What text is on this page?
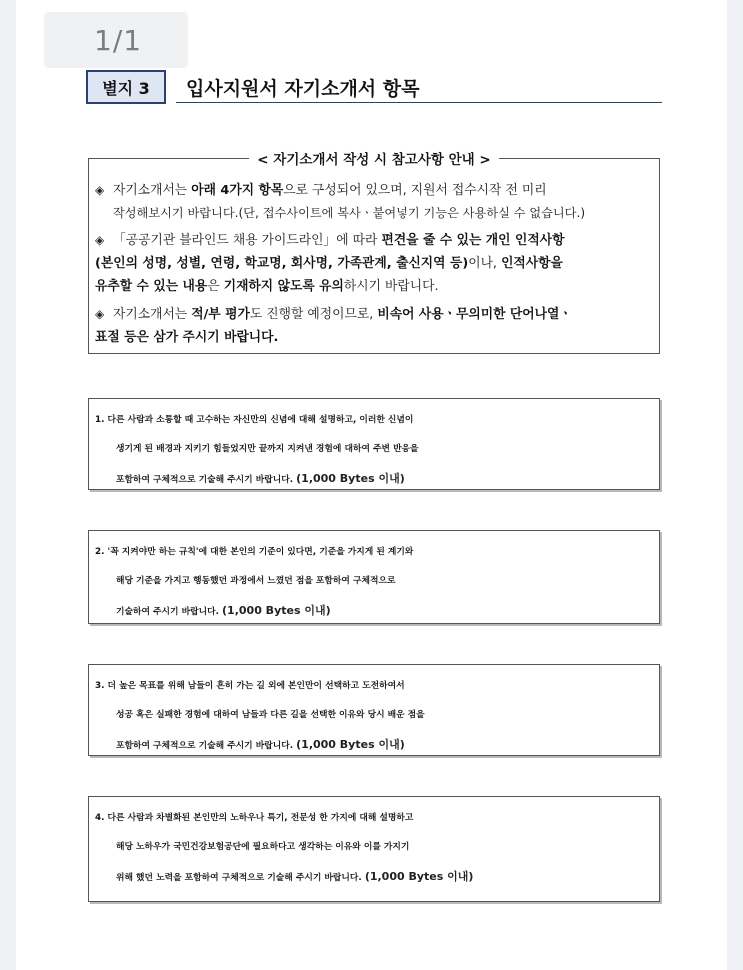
1/1
별지 3	입사지원서 자기소개서 항목
< 자기소개서 작성 시 참고사항 안내 >
◈ 자기소개서는 아래 4가지 항목으로 구성되어 있으며, 지원서 접수시작 전 미리
작성해보시기 바랍니다.(단, 접수사이트에 복사ㆍ붙여넣기 기능은 사용하실 수 없습니다.)
◈ 「공공기관 블라인드 채용 가이드라인」에 따라 편견을 줄 수 있는 개인 인적사항
(본인의 성명, 성별, 연령, 학교명, 회사명, 가족관계, 출신지역 등)이나, 인적사항을
유추할 수 있는 내용은 기재하지 않도록 유의하시기 바랍니다.
◈ 자기소개서는 적/부 평가도 진행할 예정이므로, 비속어 사용ㆍ무의미한 단어나열ㆍ
표절 등은 삼가 주시기 바랍니다.
1. 다른 사람과 소통할 때 고수하는 자신만의 신념에 대해 설명하고, 이러한 신념이
생기게 된 배경과 지키기 힘들었지만 끝까지 지켜낸 경험에 대하여 주변 반응을
포함하여 구체적으로 기술해 주시기 바랍니다. (1,000 Bytes 이내)
2. '꼭 지켜야만 하는 규칙'에 대한 본인의 기준이 있다면, 기준을 가지게 된 계기와
해당 기준을 가지고 행동했던 과정에서 느꼈던 점을 포함하여 구체적으로
기술하여 주시기 바랍니다. (1,000 Bytes 이내)
3. 더 높은 목표를 위해 남들이 흔히 가는 길 외에 본인만이 선택하고 도전하여서
성공 혹은 실패한 경험에 대하여 남들과 다른 길을 선택한 이유와 당시 배운 점을
포함하여 구체적으로 기술해 주시기 바랍니다. (1,000 Bytes 이내)
4. 다른 사람과 차별화된 본인만의 노하우나 특기, 전문성 한 가지에 대해 설명하고
해당 노하우가 국민건강보험공단에 필요하다고 생각하는 이유와 이를 가지기
위해 했던 노력을 포함하여 구체적으로 기술해 주시기 바랍니다. (1,000 Bytes 이내)
